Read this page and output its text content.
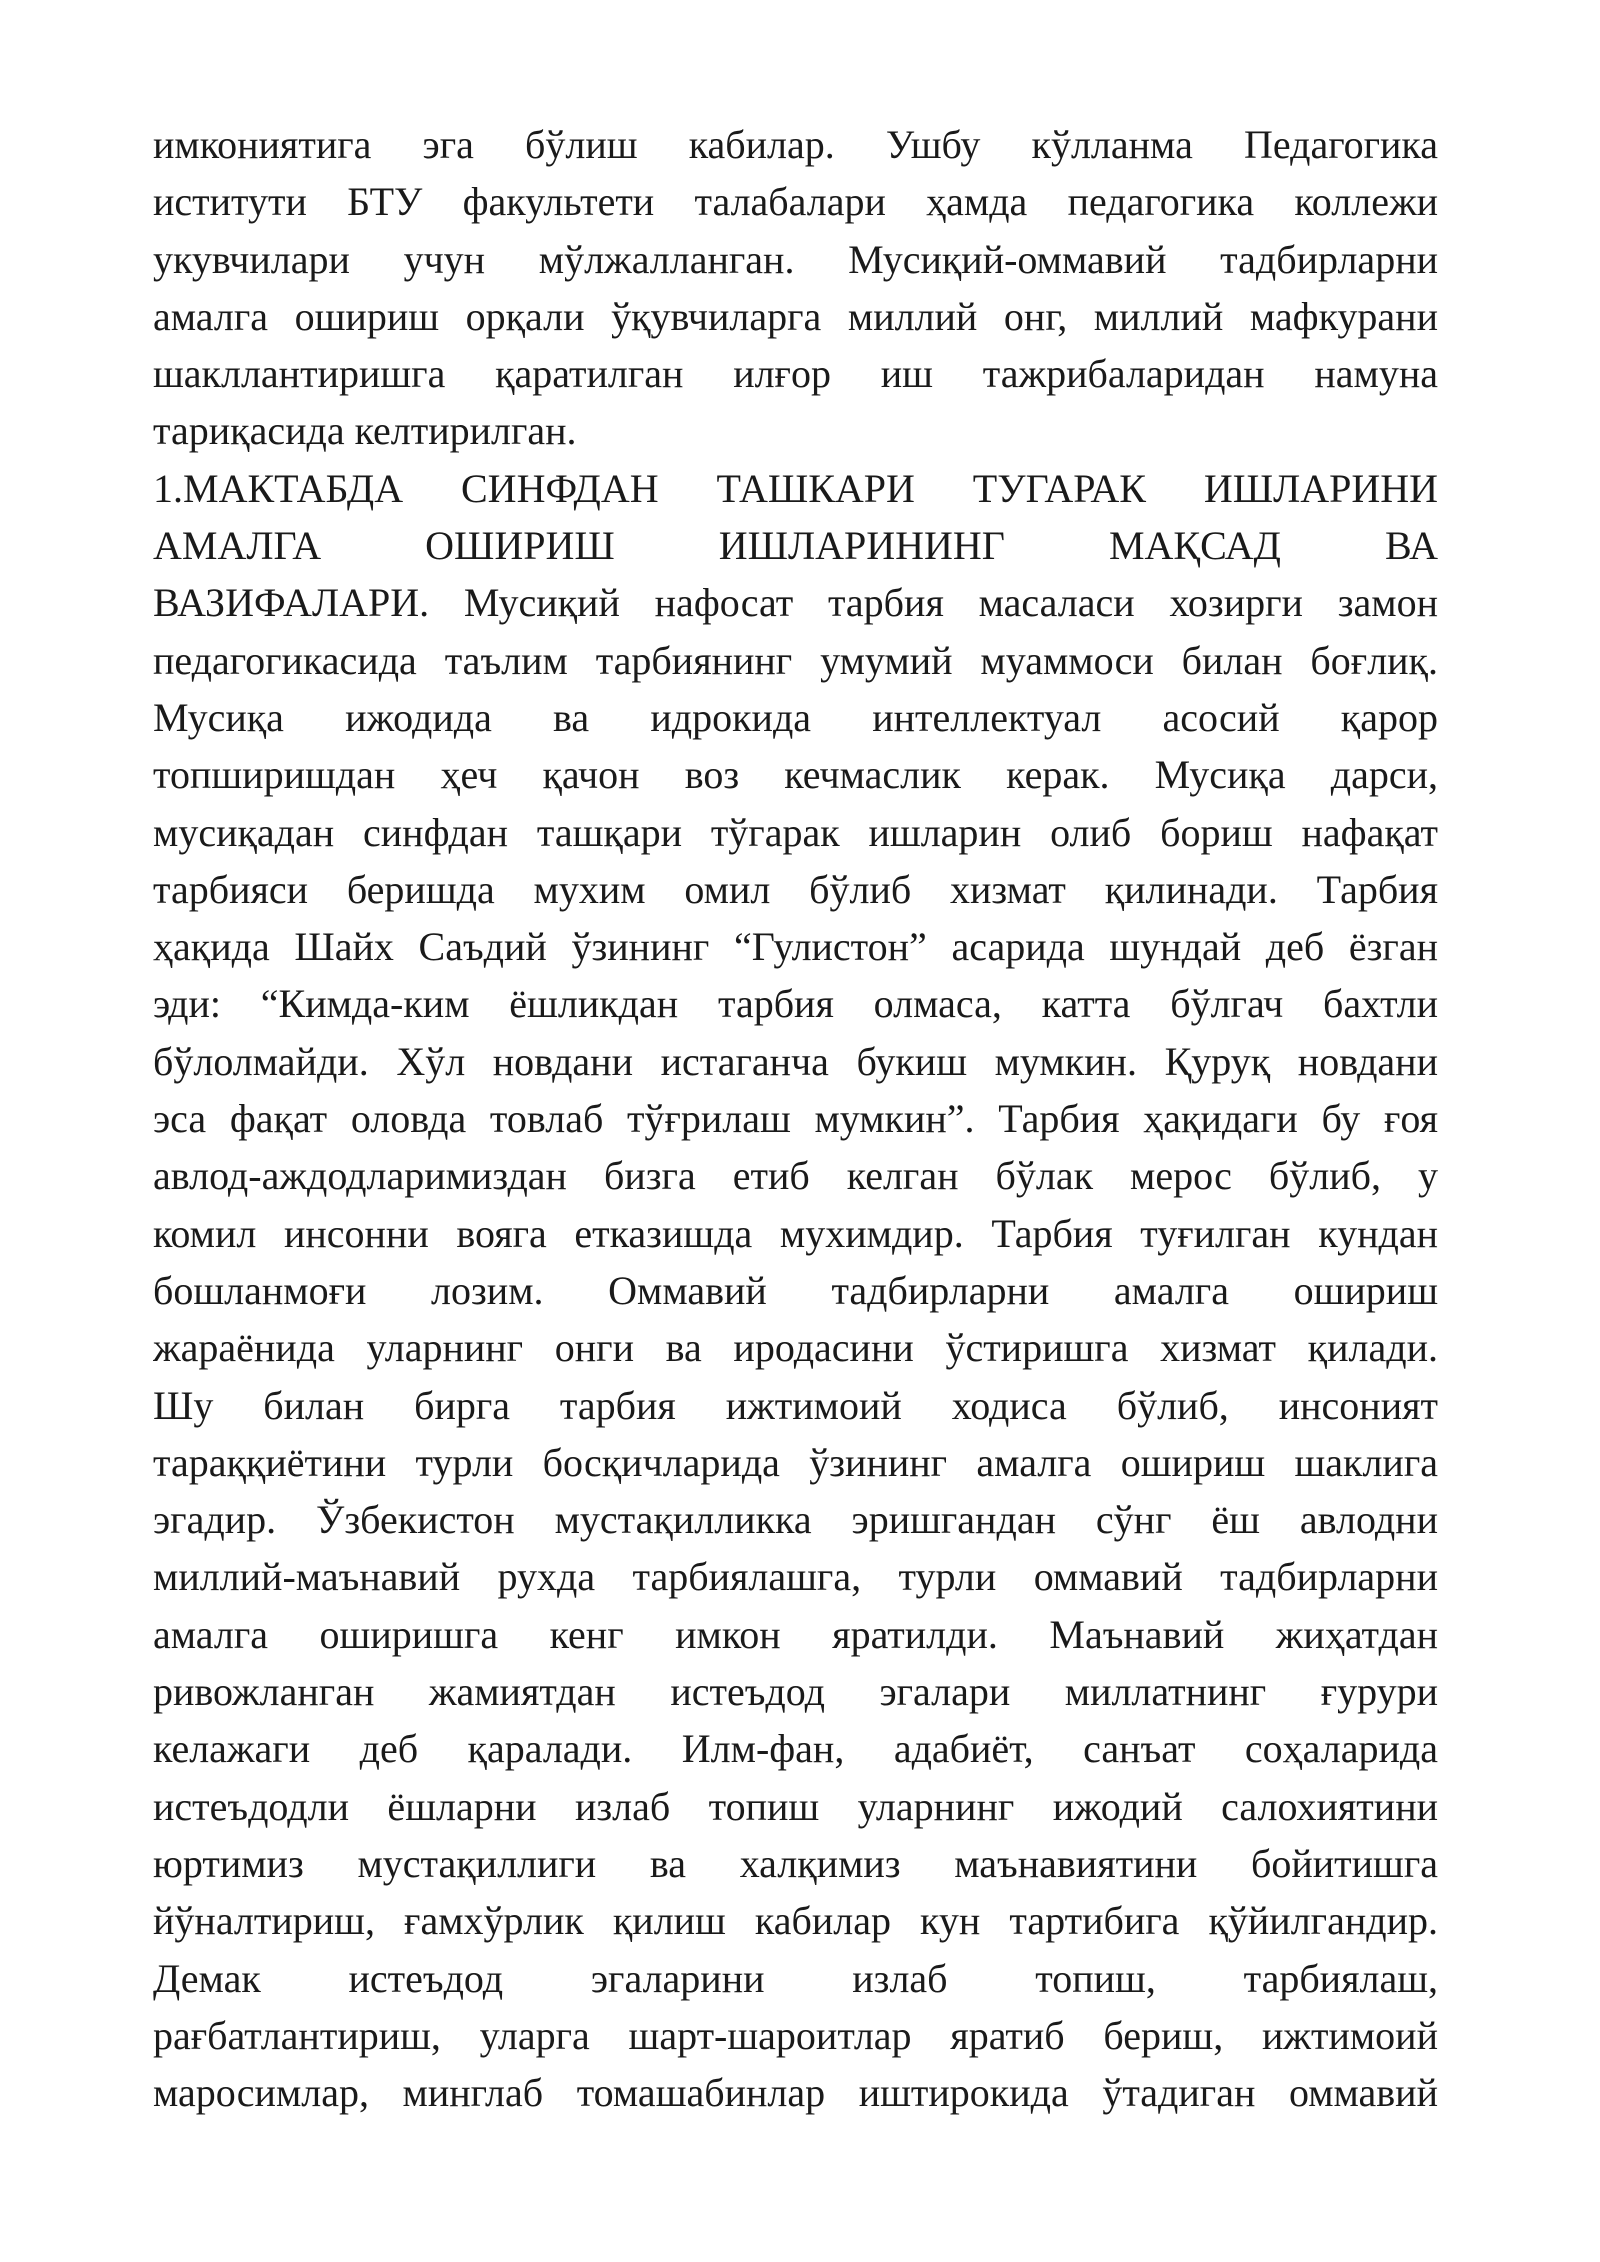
имкониятига эга бўлиш кабилар. Ушбу кўлланма Педагогика
иститути БТУ факультети талабалари ҳамда педагогика коллежи
укувчилари учун мўлжалланган. Мусиқий-оммавий тадбирларни
амалга ошириш орқали ўқувчиларга миллий онг, миллий мафкурани
шакллантиришга қаратилган илғор иш тажрибаларидан намуна
тариқасида келтирилган.
1.МАКТАБДА СИНФДАН ТАШКАРИ ТУГАРАК ИШЛАРИНИ
АМАЛГА ОШИРИШ ИШЛАРИНИНГ МАҚСАД ВА
ВАЗИФАЛАРИ. Мусиқий нафосат тарбия масаласи хозирги замон
педагогикасида таълим тарбиянинг умумий муаммоси билан боғлиқ.
Мусиқа ижодида ва идрокида интеллектуал асосий қарор
топширишдан ҳеч қачон воз кечмаслик керак. Мусиқа дарси,
мусиқадан синфдан ташқари тўгарак ишларин олиб бориш нафақат
тарбияси беришда мухим омил бўлиб хизмат қилинади. Тарбия
ҳақида Шайх Саъдий ўзининг “Гулистон” асарида шундай деб ёзган
эди: “Кимда-ким ёшликдан тарбия олмаса, катта бўлгач бахтли
бўлолмайди. Хўл новдани истаганча букиш мумкин. Қуруқ новдани
эса фақат оловда товлаб тўғрилаш мумкин”. Тарбия ҳақидаги бу ғоя
авлод-аждодларимиздан бизга етиб келган бўлак мерос бўлиб, у
комил инсонни вояга етказишда мухимдир. Тарбия туғилган кундан
бошланмоғи лозим. Оммавий тадбирларни амалга ошириш
жараёнида уларнинг онги ва иродасини ўстиришга хизмат қилади.
Шу билан бирга тарбия ижтимоий ходиса бўлиб, инсоният
тараққиётини турли босқичларида ўзининг амалга ошириш шаклига
эгадир. Ўзбекистон мустақилликка эришгандан сўнг ёш авлодни
миллий-маънавий рухда тарбиялашга, турли оммавий тадбирларни
амалга оширишга кенг имкон яратилди. Маънавий жиҳатдан
ривожланган жамиятдан истеъдод эгалари миллатнинг ғурури
келажаги деб қаралади. Илм-фан, адабиёт, санъат соҳаларида
истеъдодли ёшларни излаб топиш уларнинг ижодий салохиятини
юртимиз мустақиллиги ва халқимиз маънавиятини бойитишга
йўналтириш, ғамхўрлик қилиш кабилар кун тартибига қўйилгандир.
Демак истеъдод эгаларини излаб топиш, тарбиялаш,
рағбатлантириш, уларга шарт-шароитлар яратиб бериш, ижтимоий
маросимлар, минглаб томашабинлар иштирокида ўтадиган оммавий
